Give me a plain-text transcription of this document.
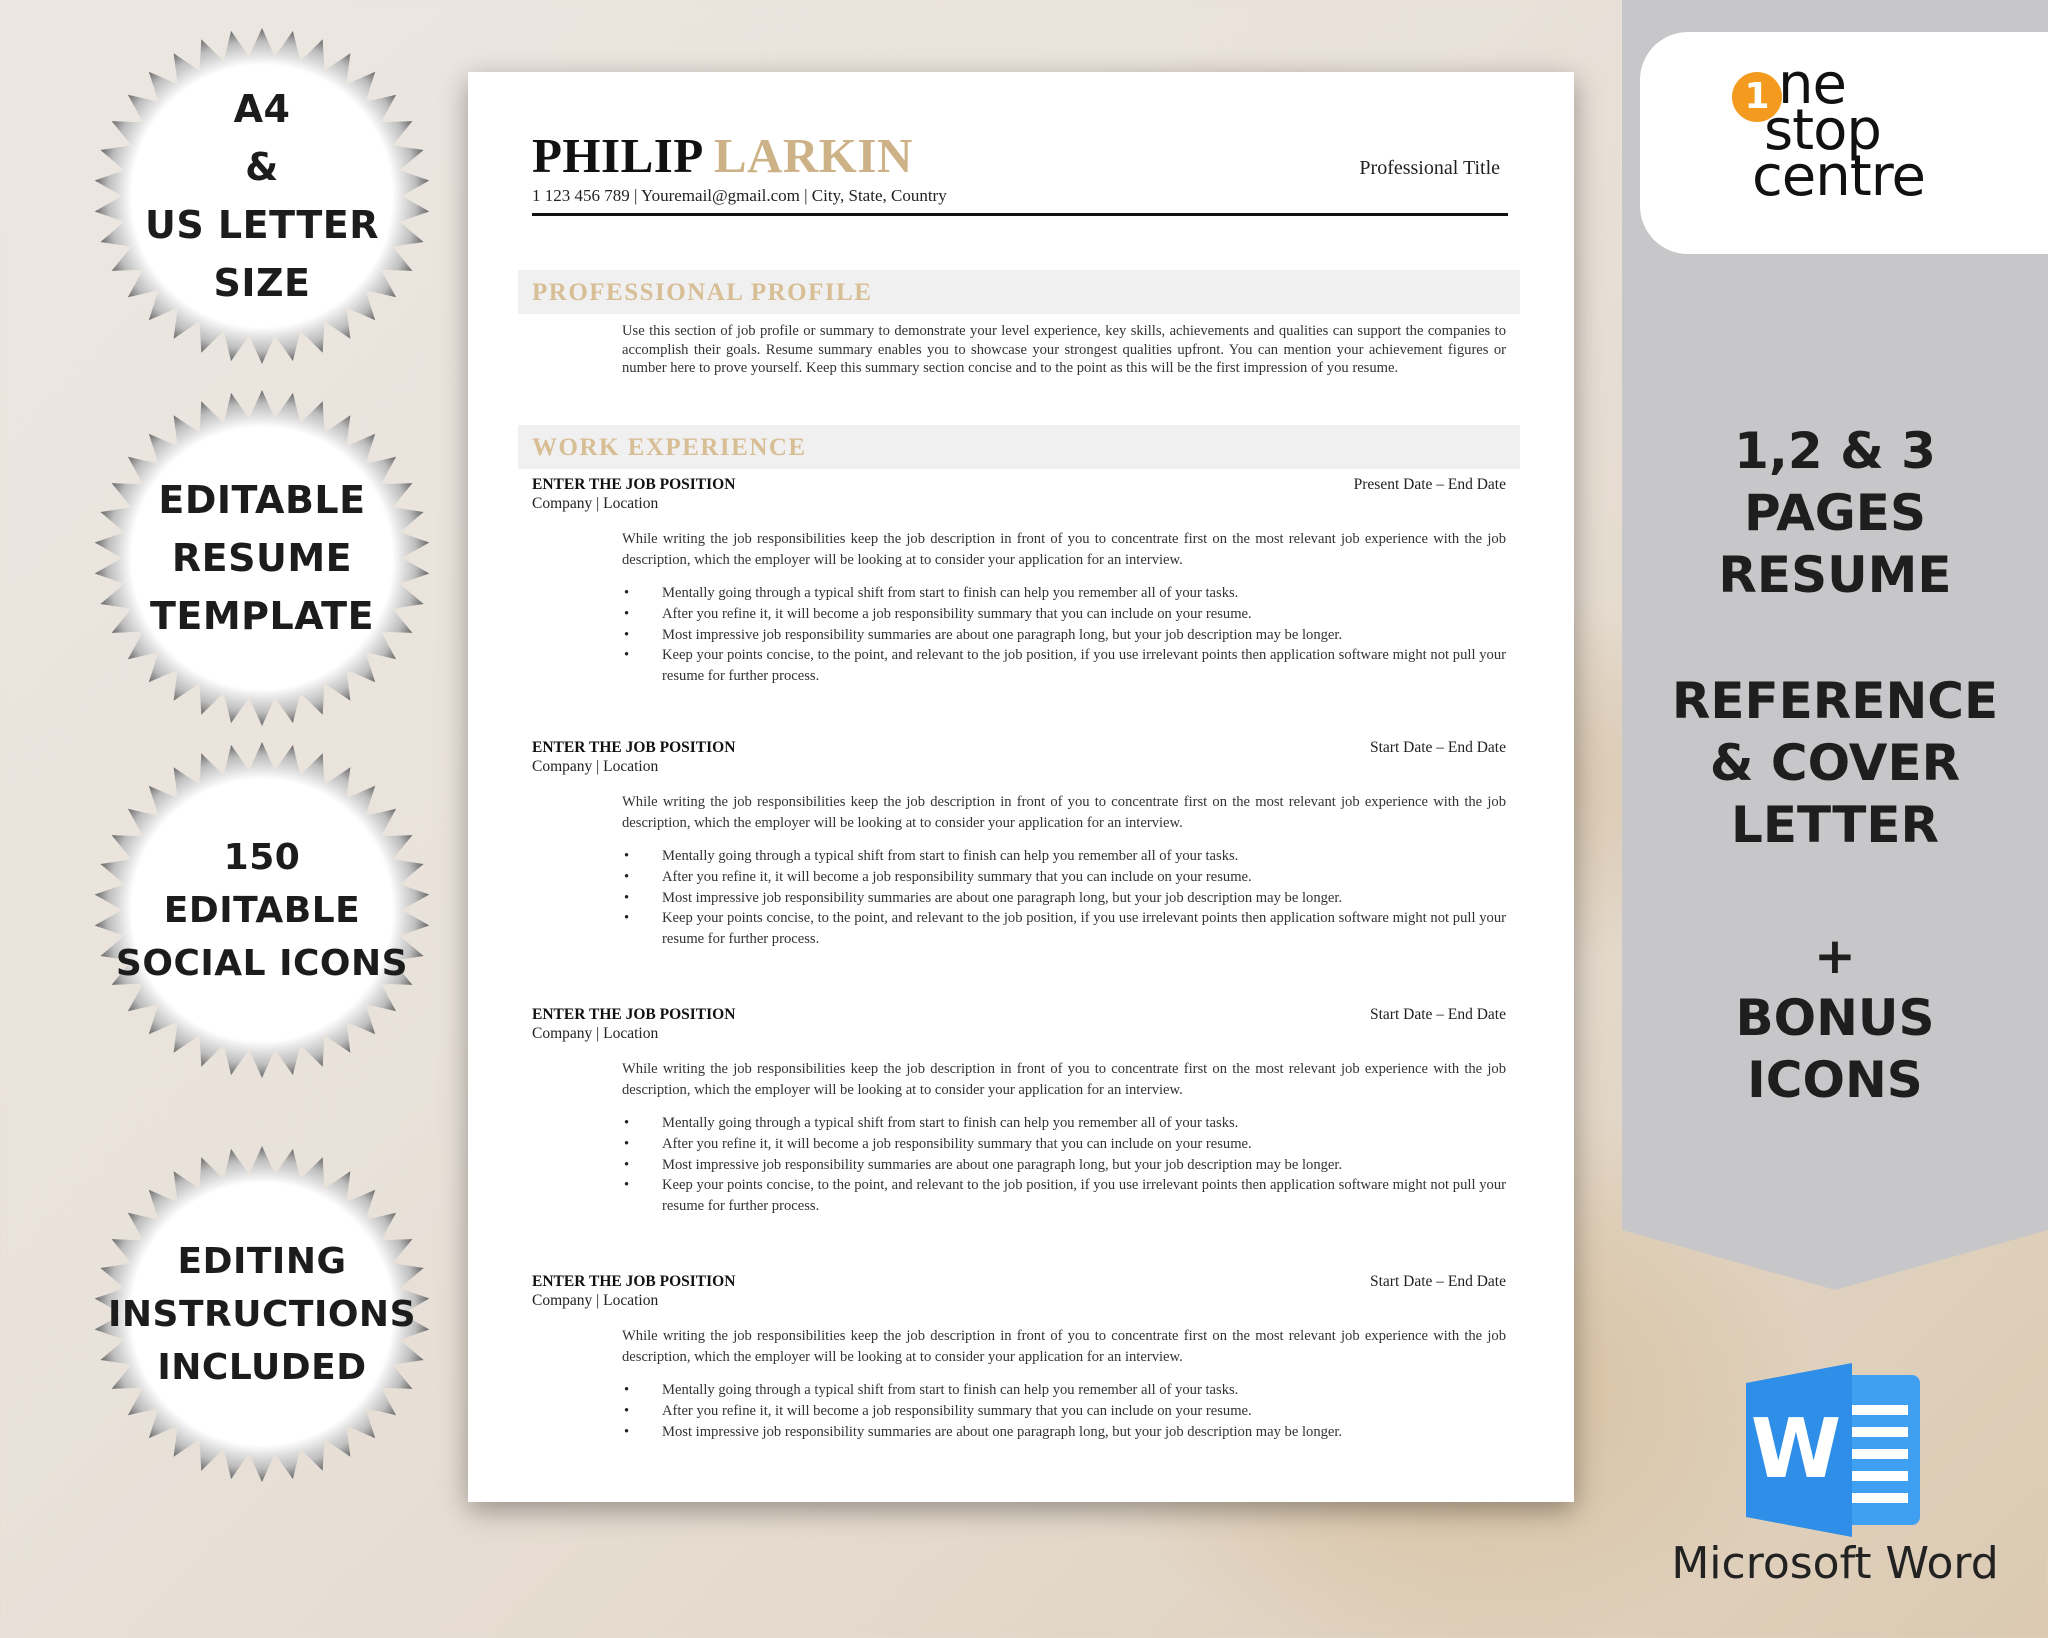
A4
&
US LETTER
SIZE
EDITABLE
RESUME
TEMPLATE
150
EDITABLE
SOCIAL ICONS
EDITING
INSTRUCTIONS
INCLUDED
PHILIP LARKIN
1 123 456 789 | Youremail@gmail.com | City, State, Country
Professional Title
PROFESSIONAL PROFILE
Use this section of job profile or summary to demonstrate your level experience, key skills, achievements and qualities can support the companies to accomplish their goals. Resume summary enables you to showcase your strongest qualities upfront. You can mention your achievement figures or number here to prove yourself. Keep this summary section concise and to the point as this will be the first impression of you resume.
WORK EXPERIENCE
ENTER THE JOB POSITION	Present Date – End Date
Company | Location
While writing the job responsibilities keep the job description in front of you to concentrate first on the most relevant job experience with the job description, which the employer will be looking at to consider your application for an interview.
• Mentally going through a typical shift from start to finish can help you remember all of your tasks.
• After you refine it, it will become a job responsibility summary that you can include on your resume.
• Most impressive job responsibility summaries are about one paragraph long, but your job description may be longer.
• Keep your points concise, to the point, and relevant to the job position, if you use irrelevant points then application software might not pull your resume for further process.
ENTER THE JOB POSITION	Start Date – End Date
Company | Location
While writing the job responsibilities keep the job description in front of you to concentrate first on the most relevant job experience with the job description, which the employer will be looking at to consider your application for an interview.
• Mentally going through a typical shift from start to finish can help you remember all of your tasks.
• After you refine it, it will become a job responsibility summary that you can include on your resume.
• Most impressive job responsibility summaries are about one paragraph long, but your job description may be longer.
• Keep your points concise, to the point, and relevant to the job position, if you use irrelevant points then application software might not pull your resume for further process.
ENTER THE JOB POSITION	Start Date – End Date
Company | Location
While writing the job responsibilities keep the job description in front of you to concentrate first on the most relevant job experience with the job description, which the employer will be looking at to consider your application for an interview.
• Mentally going through a typical shift from start to finish can help you remember all of your tasks.
• After you refine it, it will become a job responsibility summary that you can include on your resume.
• Most impressive job responsibility summaries are about one paragraph long, but your job description may be longer.
• Keep your points concise, to the point, and relevant to the job position, if you use irrelevant points then application software might not pull your resume for further process.
ENTER THE JOB POSITION	Start Date – End Date
Company | Location
While writing the job responsibilities keep the job description in front of you to concentrate first on the most relevant job experience with the job description, which the employer will be looking at to consider your application for an interview.
• Mentally going through a typical shift from start to finish can help you remember all of your tasks.
• After you refine it, it will become a job responsibility summary that you can include on your resume.
• Most impressive job responsibility summaries are about one paragraph long, but your job description may be longer.
1 ne
stop
centre
1,2 & 3
PAGES
RESUME
REFERENCE
& COVER
LETTER
+
BONUS
ICONS
W
Microsoft Word
